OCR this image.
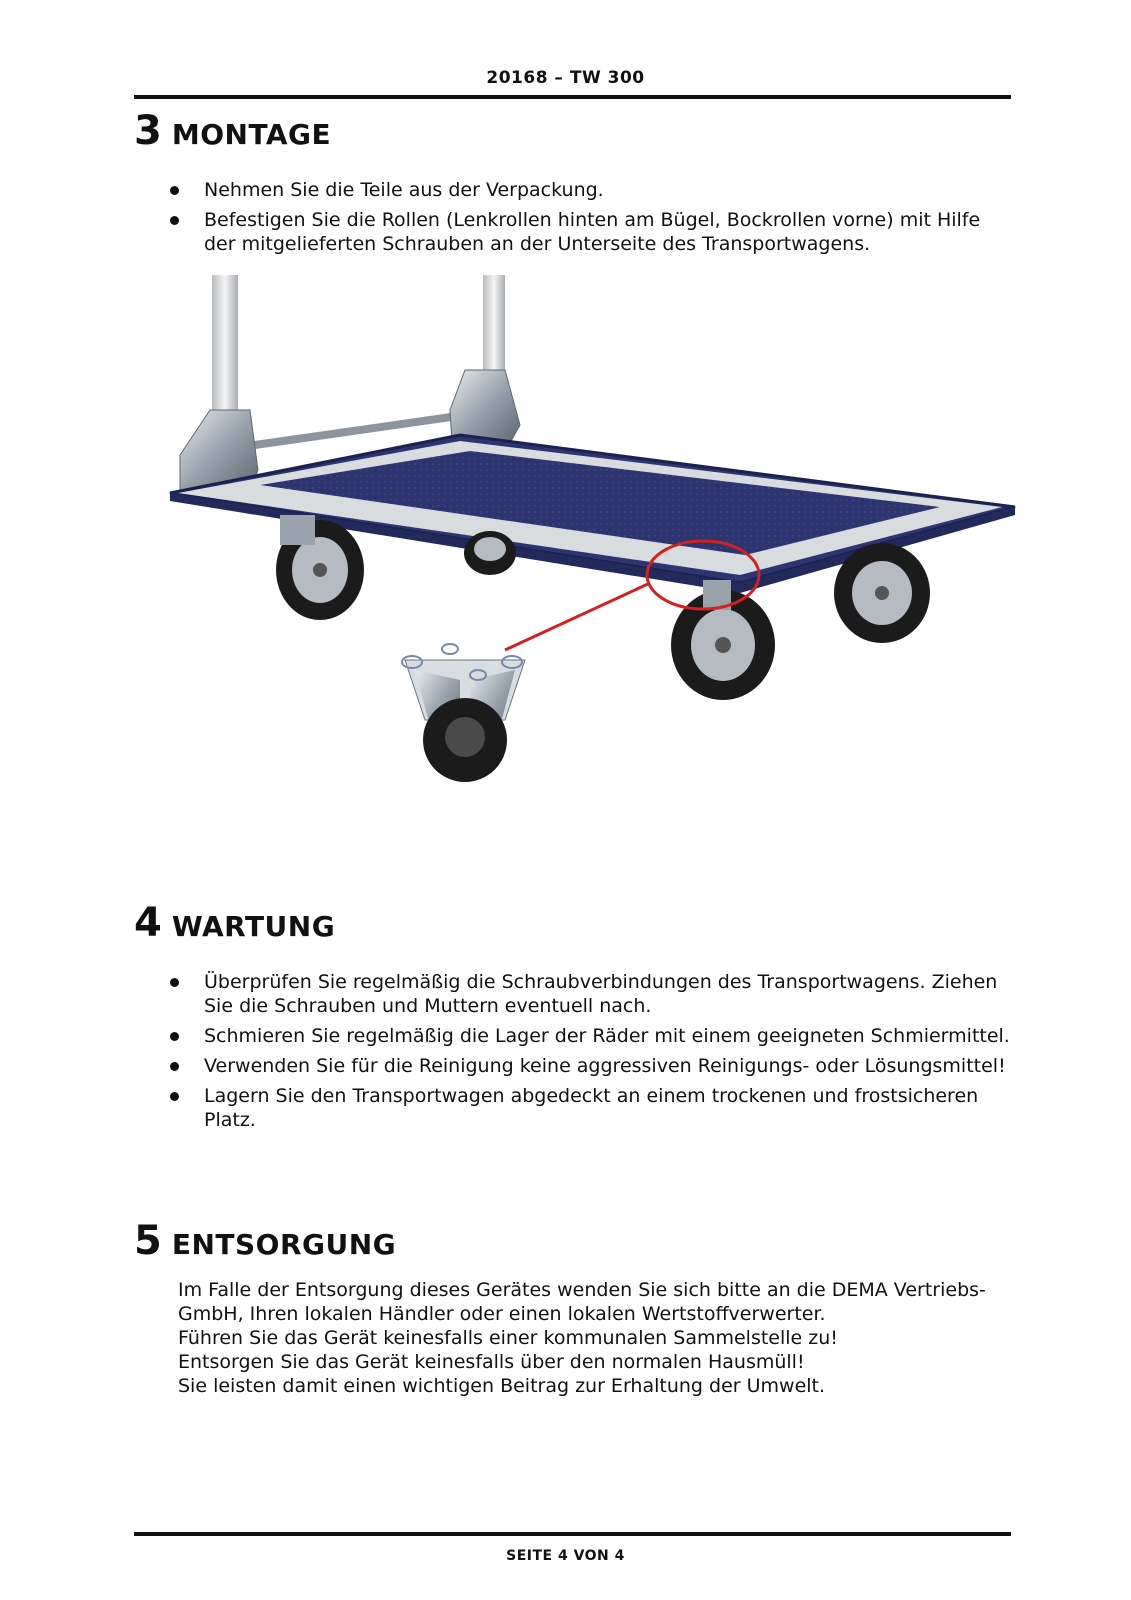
20168 – TW 300
3 MONTAGE
Nehmen Sie die Teile aus der Verpackung.
Befestigen Sie die Rollen (Lenkrollen hinten am Bügel, Bockrollen vorne) mit Hilfe der mitgelieferten Schrauben an der Unterseite des Transportwagens.
4 WARTUNG
Überprüfen Sie regelmäßig die Schraubverbindungen des Transportwagens. Ziehen Sie die Schrauben und Muttern eventuell nach.
Schmieren Sie regelmäßig die Lager der Räder mit einem geeigneten Schmiermittel.
Verwenden Sie für die Reinigung keine aggressiven Reinigungs- oder Lösungsmittel!
Lagern Sie den Transportwagen abgedeckt an einem trockenen und frostsicheren Platz.
5 ENTSORGUNG
Im Falle der Entsorgung dieses Gerätes wenden Sie sich bitte an die DEMA Vertriebs-GmbH, Ihren lokalen Händler oder einen lokalen Wertstoffverwerter.
Führen Sie das Gerät keinesfalls einer kommunalen Sammelstelle zu!
Entsorgen Sie das Gerät keinesfalls über den normalen Hausmüll!
Sie leisten damit einen wichtigen Beitrag zur Erhaltung der Umwelt.
SEITE 4 VON 4
